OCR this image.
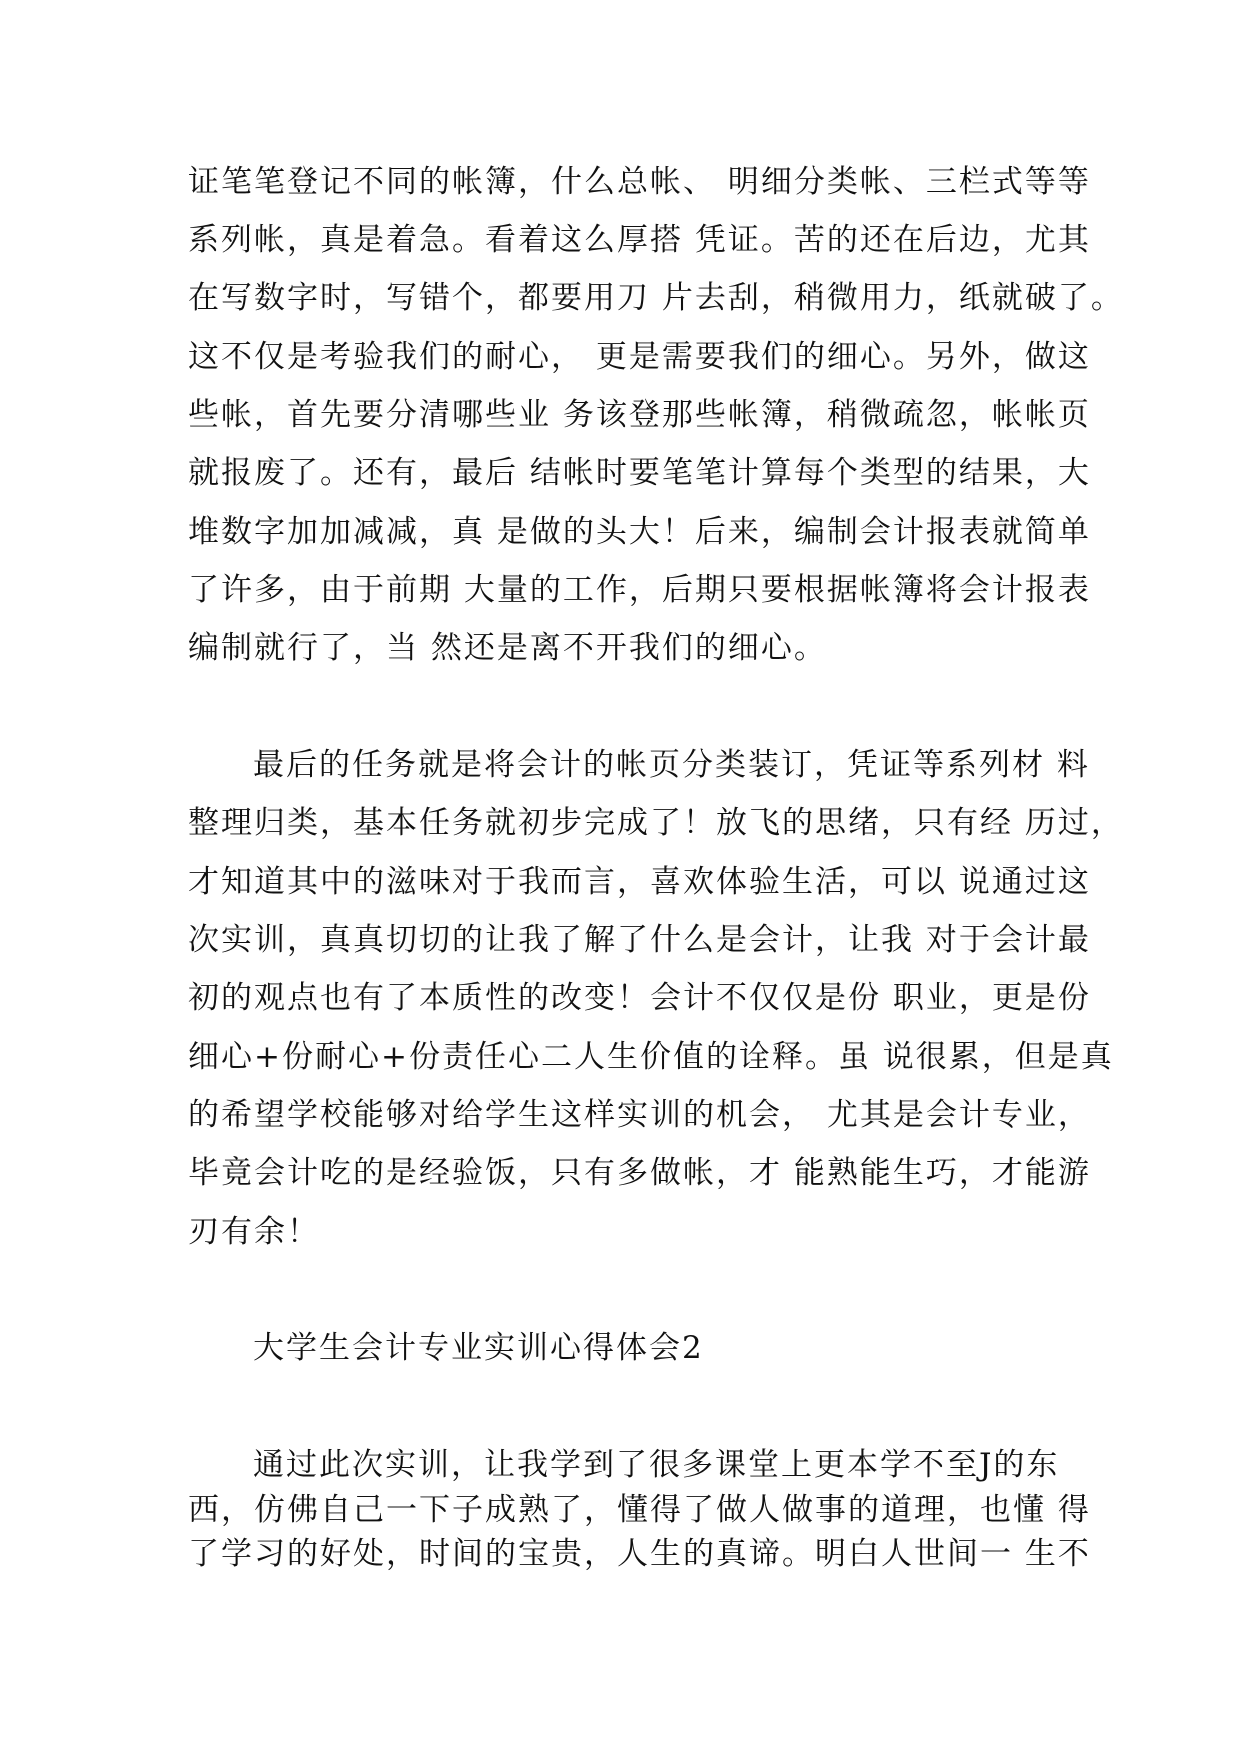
证笔笔登记不同的帐簿，什么总帐、 明细分类帐、三栏式等等
系列帐，真是着急。看着这么厚搭 凭证。苦的还在后边，尤其
在写数字时，写错个，都要用刀 片去刮，稍微用力，纸就破了。
这不仅是考验我们的耐心， 更是需要我们的细心。另外，做这
些帐，首先要分清哪些业 务该登那些帐簿，稍微疏忽，帐帐页
就报废了。还有，最后 结帐时要笔笔计算每个类型的结果，大
堆数字加加减减，真 是做的头大！后来，编制会计报表就简单
了许多，由于前期 大量的工作，后期只要根据帐簿将会计报表
编制就行了，当 然还是离不开我们的细心。
最后的任务就是将会计的帐页分类装订，凭证等系列材 料
整理归类，基本任务就初步完成了！放飞的思绪，只有经 历过，
才知道其中的滋味对于我而言，喜欢体验生活，可以 说通过这
次实训，真真切切的让我了解了什么是会计，让我 对于会计最
初的观点也有了本质性的改变！会计不仅仅是份 职业，更是份
细心+份耐心+份责任心二人生价值的诠释。虽 说很累，但是真
的希望学校能够对给学生这样实训的机会， 尤其是会计专业，
毕竟会计吃的是经验饭，只有多做帐，才 能熟能生巧，才能游
刃有余！
大学生会计专业实训心得体会2
通过此次实训，让我学到了很多课堂上更本学不至J的东
西，仿佛自己一下子成熟了，懂得了做人做事的道理，也懂 得
了学习的好处，时间的宝贵，人生的真谛。明白人世间一 生不
